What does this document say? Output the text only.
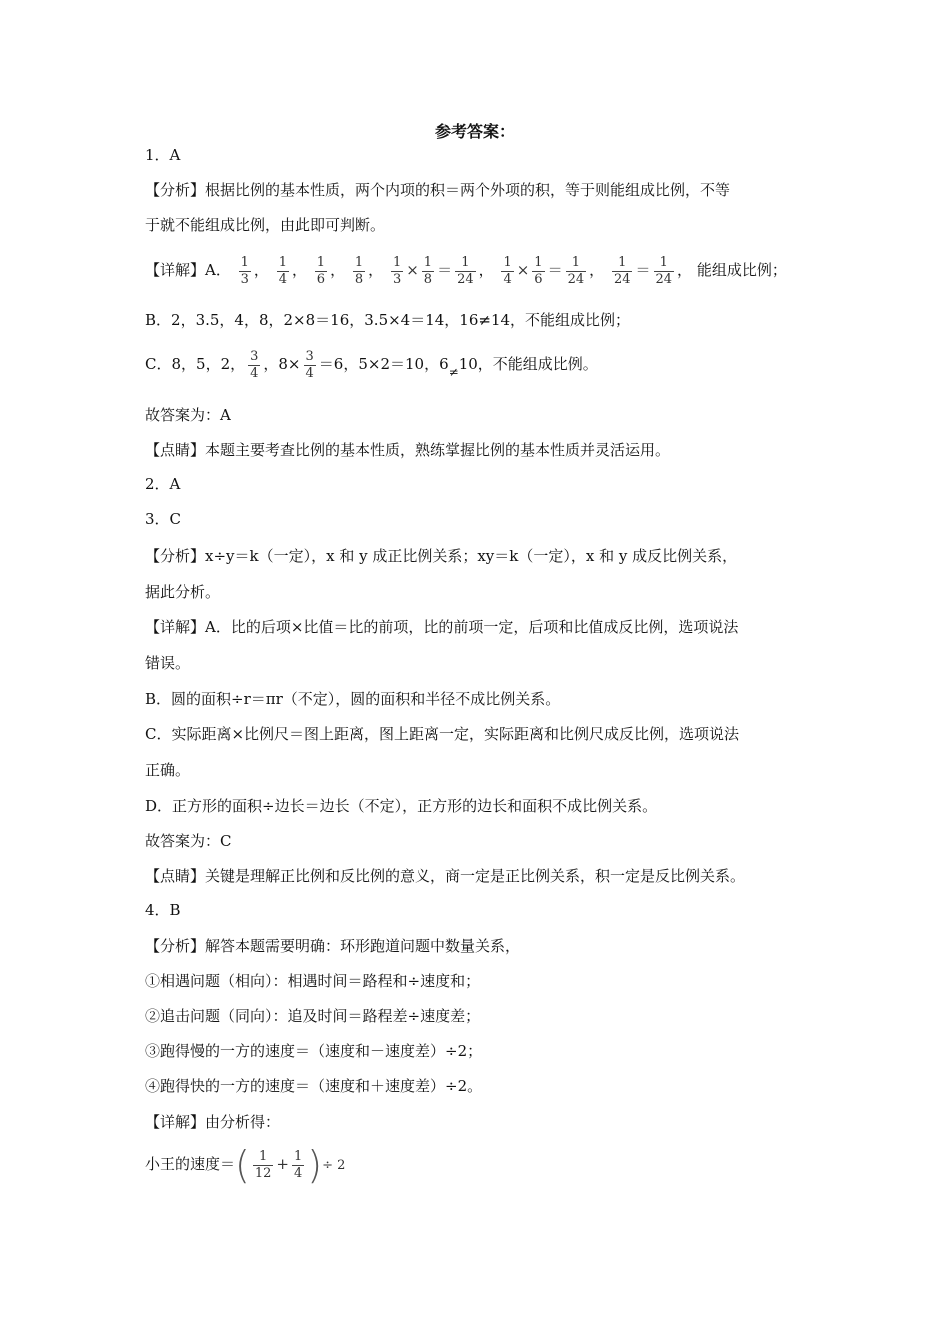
参考答案：
1．A
【分析】根据比例的基本性质，两个内项的积＝两个外项的积，等于则能组成比例，不等
于就不能组成比例，由此即可判断。
【详解】A． $\frac{1}{3}$ ， $\frac{1}{4}$ ， $\frac{1}{6}$ ， $\frac{1}{8}$ ， $\frac{1}{3} \times \frac{1}{8} = \frac{1}{24}$ ， $\frac{1}{4} \times \frac{1}{6} = \frac{1}{24}$ ， $\frac{1}{24} = \frac{1}{24}$ ， 能组成比例；
B．2，3.5，4，8，2×8＝16，3.5×4＝14，16≠14，不能组成比例；
C．8，5，2， $\frac{3}{4}$ ，$8\times \frac{3}{4} =6$，5×2＝10，$6_\ne 10$，不能组成比例。
故答案为：A
【点睛】本题主要考查比例的基本性质，熟练掌握比例的基本性质并灵活运用。
2．A
3．C
【分析】x÷y＝k（一定），x 和 y 成正比例关系；xy＝k（一定），x 和 y 成反比例关系，
据此分析。
【详解】A．比的后项×比值＝比的前项，比的前项一定，后项和比值成反比例，选项说法
错误。
B．圆的面积÷r＝πr（不定），圆的面积和半径不成比例关系。
C．实际距离×比例尺＝图上距离，图上距离一定，实际距离和比例尺成反比例，选项说法
正确。
D．正方形的面积÷边长＝边长（不定），正方形的边长和面积不成比例关系。
故答案为：C
【点睛】关键是理解正比例和反比例的意义，商一定是正比例关系，积一定是反比例关系。
4．B
【分析】解答本题需要明确：环形跑道问题中数量关系，
①相遇问题（相向）：相遇时间＝路程和÷速度和；
②追击问题（同向）：追及时间＝路程差÷速度差；
③跑得慢的一方的速度＝（速度和－速度差）÷2；
④跑得快的一方的速度＝（速度和＋速度差）÷2。
【详解】由分析得：
小王的速度＝( $\frac{1}{12} + \frac{1}{4}$ )÷ 2
